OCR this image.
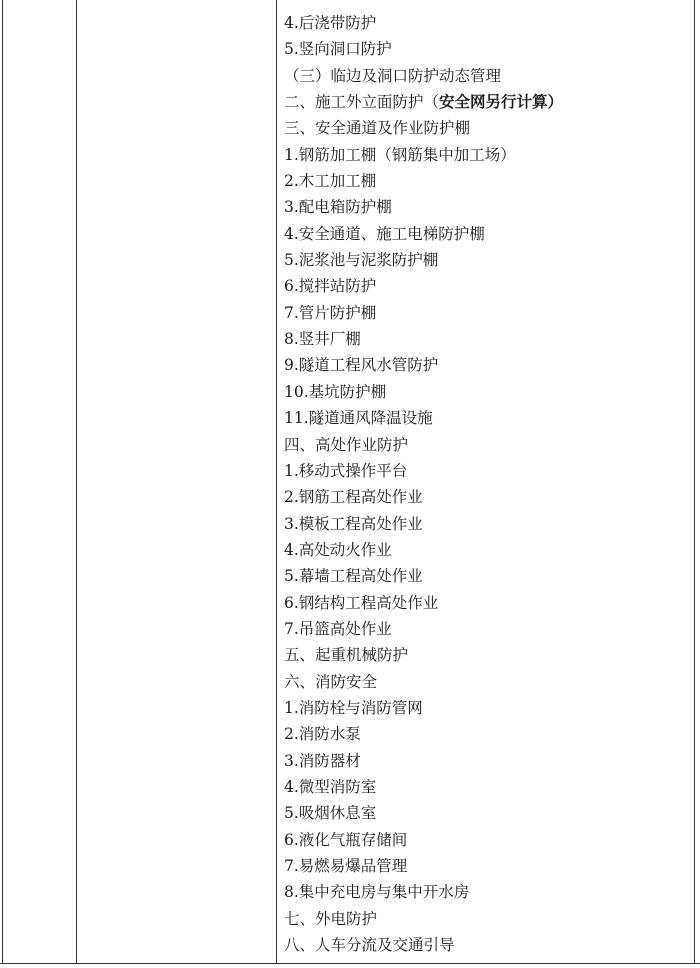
4.后浇带防护
5.竖向洞口防护
（三）临边及洞口防护动态管理
二、施工外立面防护（安全网另行计算）
三、安全通道及作业防护棚
1.钢筋加工棚（钢筋集中加工场）
2.木工加工棚
3.配电箱防护棚
4.安全通道、施工电梯防护棚
5.泥浆池与泥浆防护棚
6.搅拌站防护
7.管片防护棚
8.竖井厂棚
9.隧道工程风水管防护
10.基坑防护棚
11.隧道通风降温设施
四、高处作业防护
1.移动式操作平台
2.钢筋工程高处作业
3.模板工程高处作业
4.高处动火作业
5.幕墙工程高处作业
6.钢结构工程高处作业
7.吊篮高处作业
五、起重机械防护
六、消防安全
1.消防栓与消防管网
2.消防水泵
3.消防器材
4.微型消防室
5.吸烟休息室
6.液化气瓶存储间
7.易燃易爆品管理
8.集中充电房与集中开水房
七、外电防护
八、人车分流及交通引导
